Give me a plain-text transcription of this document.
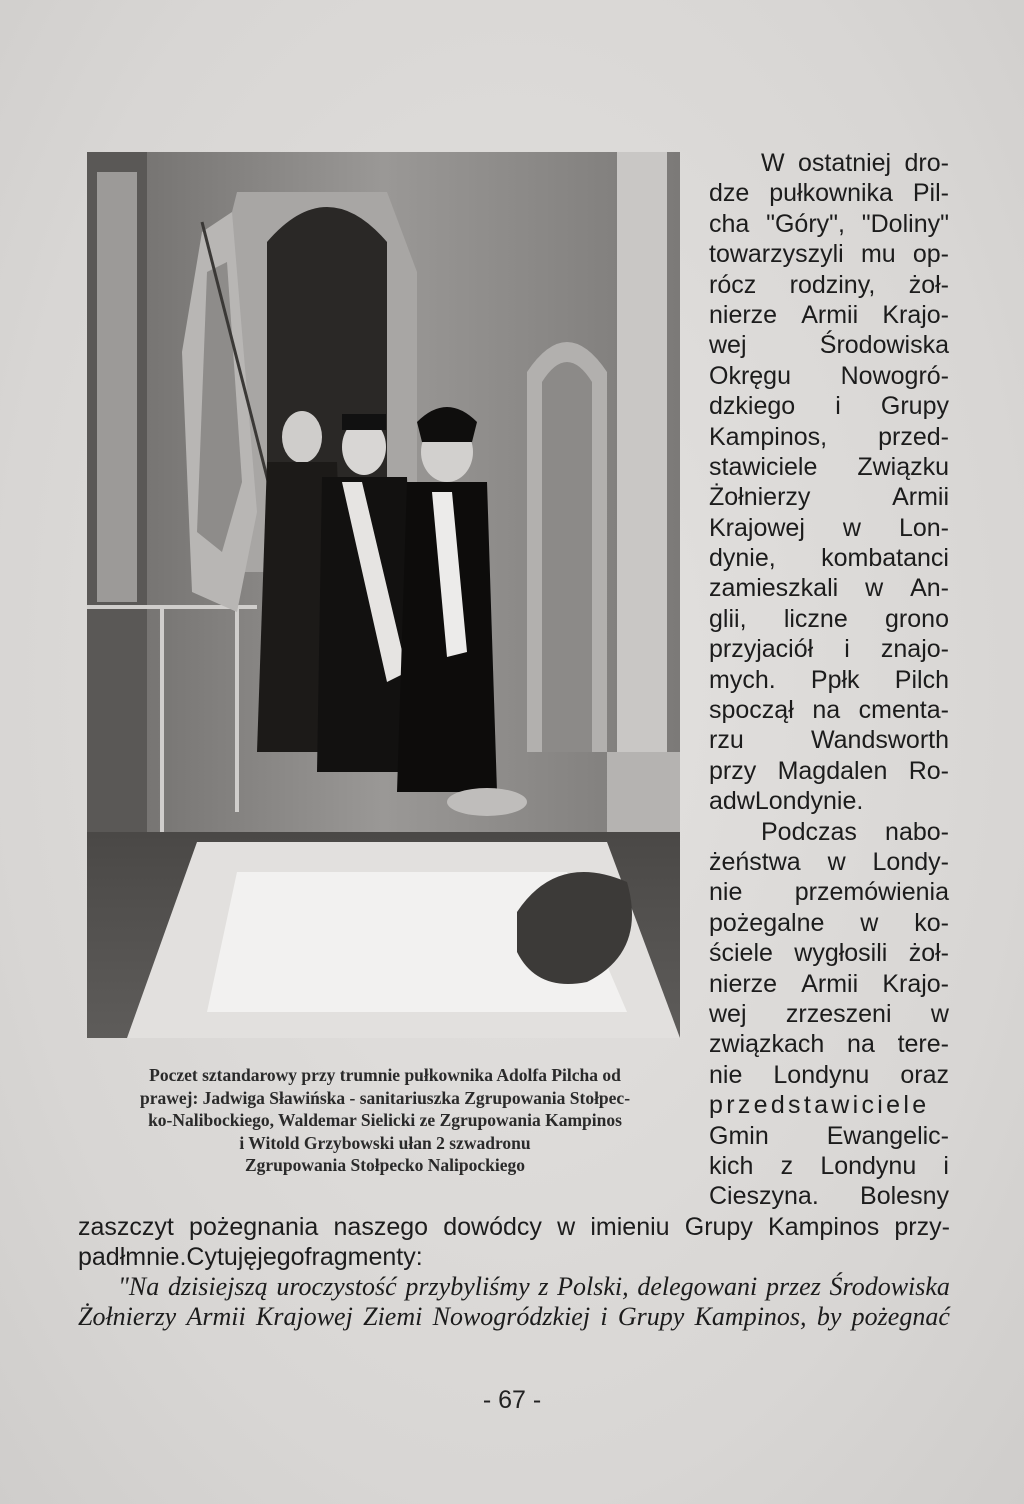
Poczet sztandarowy przy trumnie pułkownika Adolfa Pilcha od
prawej: Jadwiga Sławińska - sanitariuszka Zgrupowania Stołpec-
ko-Nalibockiego, Waldemar Sielicki ze Zgrupowania Kampinos
i Witold Grzybowski ułan 2 szwadronu
Zgrupowania Stołpecko Nalipockiego
W ostatniej dro-
dze pułkownika Pil-
cha "Góry", "Doliny"
towarzyszyli mu op-
rócz rodziny, żoł-
nierze Armii Krajo-
wej	Środowiska
Okręgu Nowogró-
dzkiego i Grupy
Kampinos, przed-
stawiciele Związku
Żołnierzy	Armii
Krajowej w Lon-
dynie, kombatanci
zamieszkali w An-
glii, liczne grono
przyjaciół i znajo-
mych. Ppłk Pilch
spoczął na cmenta-
rzu	Wandsworth
przy Magdalen Ro-
ad w Londynie.
Podczas nabo-
żeństwa w Londy-
nie przemówienia
pożegalne w ko-
ściele wygłosili żoł-
nierze Armii Krajo-
wej zrzeszeni w
związkach na tere-
nie Londynu oraz
przedstawiciele
Gmin Ewangelic-
kich z Londynu i
Cieszyna. Bolesny
zaszczyt pożegnania naszego dowódcy w imieniu Grupy Kampinos przy-
padł mnie. Cytuję jego fragmenty:
"Na dzisiejszą uroczystość przybyliśmy z Polski, delegowani przez Środowiska
Żołnierzy Armii Krajowej Ziemi Nowogródzkiej i Grupy Kampinos, by pożegnać
- 67 -
